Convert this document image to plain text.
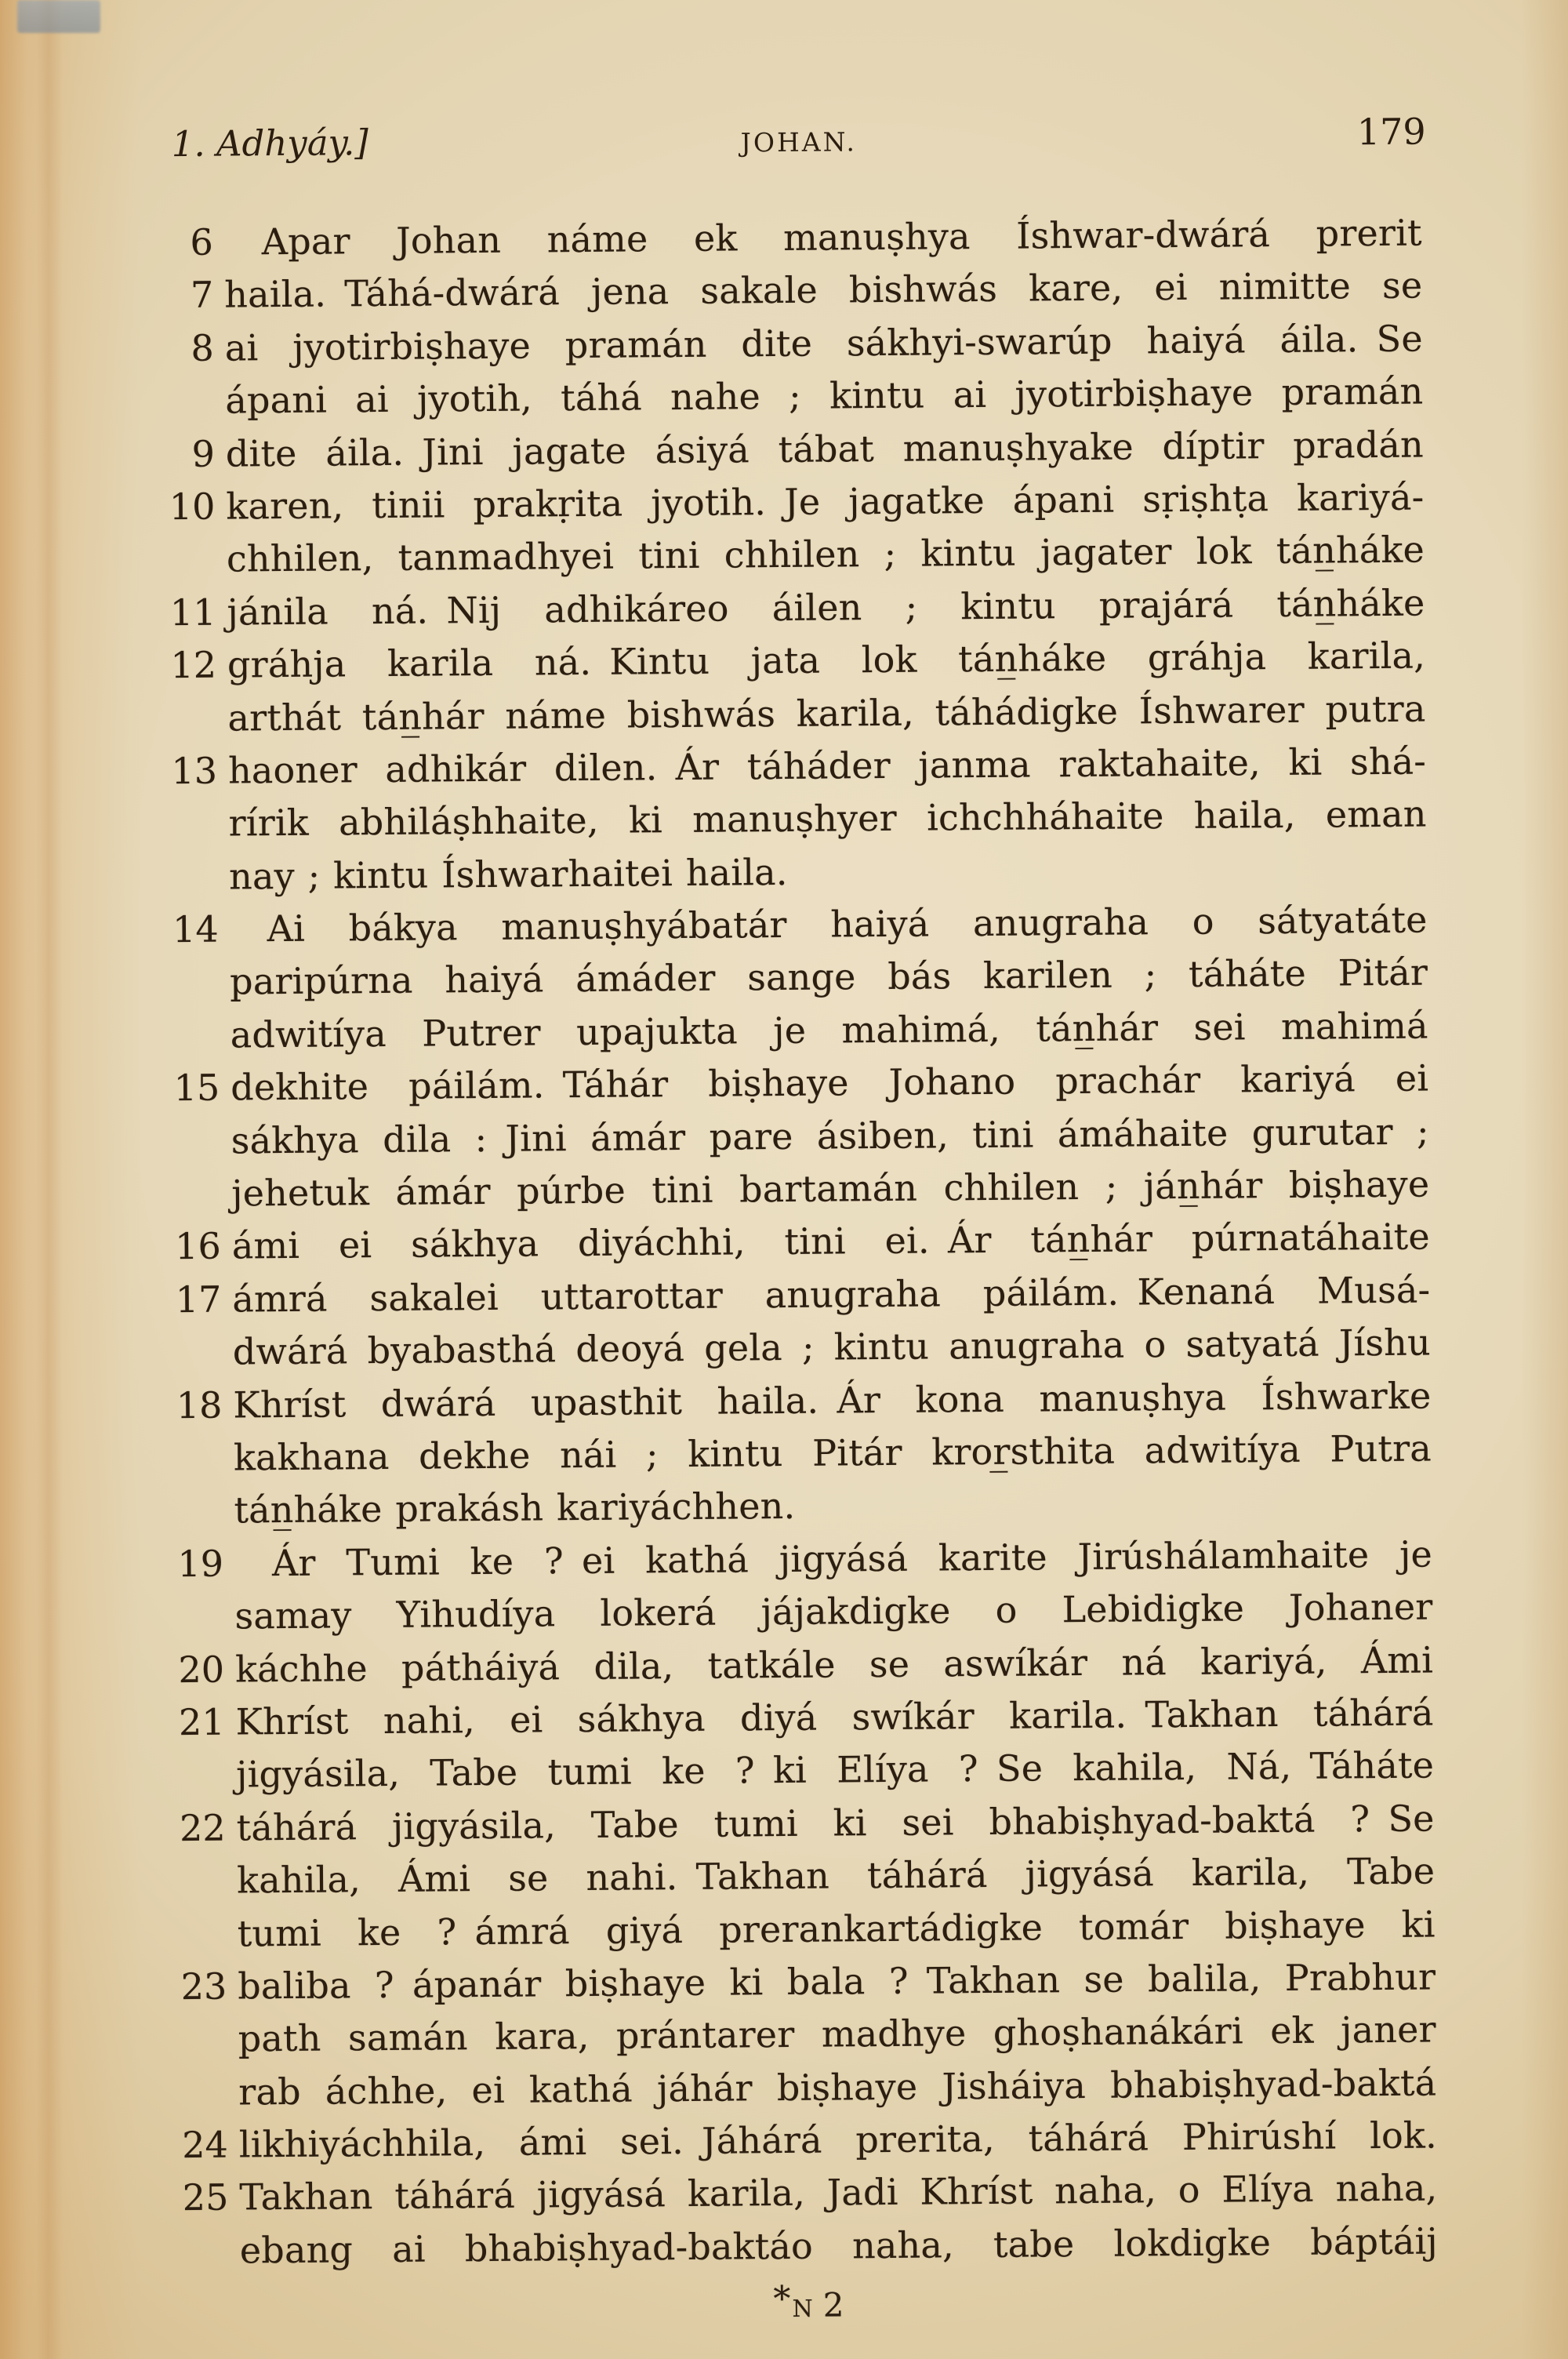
1. Adhyáy.]	JOHAN.	179
6	Apar Johan náme ek manuṣhya Íshwar-dwárá prerit
7 haila. Táhá-dwárá jena sakale bishwás kare, ei nimitte se
8 ai jyotirbiṣhaye pramán dite sákhyi-swarúp haiyá áila. Se
ápani ai jyotih, táhá nahe ; kintu ai jyotirbiṣhaye pramán
9 dite áila. Jini jagate ásiyá tábat manuṣhyake díptir pradán
10 karen, tinii prakṛita jyotih. Je jagatke ápani sṛiṣhṭa kariyá-
chhilen, tanmadhyei tini chhilen ; kintu jagater lok tán̲háke
11 jánila ná. Nij adhikáreo áilen ; kintu prajárá tán̲háke
12 gráhja karila ná. Kintu jata lok tán̲háke gráhja karila,
arthát tán̲hár náme bishwás karila, táhádigke Íshwarer putra
13 haoner adhikár dilen. Ár táháder janma raktahaite, ki shá-
rírik abhiláṣhhaite, ki manuṣhyer ichchháhaite haila, eman
nay ; kintu Íshwarhaitei haila.
14	Ai bákya manuṣhyábatár haiyá anugraha o sátyatáte
paripúrna haiyá ámáder sange bás karilen ; táháte Pitár
adwitíya Putrer upajukta je mahimá, tán̲hár sei mahimá
15 dekhite páilám. Táhár biṣhaye Johano prachár kariyá ei
sákhya dila : Jini ámár pare ásiben, tini ámáhaite gurutar ;
jehetuk ámár púrbe tini bartamán chhilen ; ján̲hár biṣhaye
16 ámi ei sákhya diyáchhi, tini ei. Ár tán̲hár púrnatáhaite
17 ámrá sakalei uttarottar anugraha páilám. Kenaná Musá-
dwárá byabasthá deoyá gela ; kintu anugraha o satyatá Jíshu
18 Khríst dwárá upasthit haila. Ár kona manuṣhya Íshwarke
kakhana dekhe nái ; kintu Pitár kror̲sthita adwitíya Putra
tán̲háke prakásh kariyáchhen.
19	Ár Tumi ke ? ei kathá jigyásá karite Jirúshálamhaite je
samay Yihudíya lokerá jájakdigke o Lebidigke Johaner
20 káchhe pátháiyá dila, tatkále se aswíkár ná kariyá, Ámi
21 Khríst nahi, ei sákhya diyá swíkár karila. Takhan táhárá
jigyásila, Tabe tumi ke ? ki Elíya ? Se kahila, Ná, Táháte
22 táhárá jigyásila, Tabe tumi ki sei bhabiṣhyad-baktá ? Se
kahila, Ámi se nahi. Takhan táhárá jigyásá karila, Tabe
tumi ke ? ámrá giyá prerankartádigke tomár biṣhaye ki
23 baliba ? ápanár biṣhaye ki bala ? Takhan se balila, Prabhur
path samán kara, prántarer madhye ghoṣhanákári ek janer
rab áchhe, ei kathá jáhár biṣhaye Jisháiya bhabiṣhyad-baktá
24 likhiyáchhila, ámi sei. Jáhárá prerita, táhárá Phirúshí lok.
25 Takhan táhárá jigyásá karila, Jadi Khríst naha, o Elíya naha,
ebang ai bhabiṣhyad-baktáo naha, tabe lokdigke báptáij
*N 2
